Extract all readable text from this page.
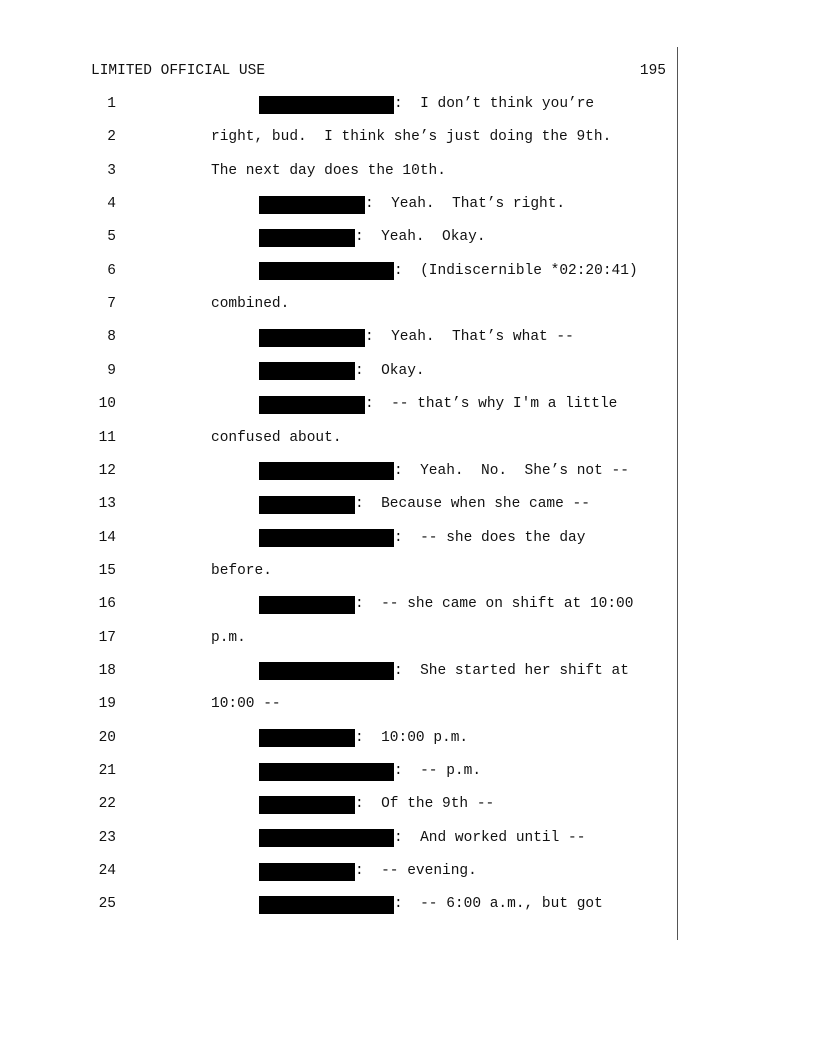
LIMITED OFFICIAL USE	195
1	:  I don’t think you’re
2	right, bud.  I think she’s just doing the 9th.
3	The next day does the 10th.
4	:  Yeah.  That’s right.
5	:  Yeah.  Okay.
6	:  (Indiscernible *02:20:41)
7	combined.
8	:  Yeah.  That’s what --
9	:  Okay.
10	:  -- that’s why I'm a little
11	confused about.
12	:  Yeah.  No.  She’s not --
13	:  Because when she came --
14	:  -- she does the day
15	before.
16	:  -- she came on shift at 10:00
17	p.m.
18	:  She started her shift at
19	10:00 --
20	:  10:00 p.m.
21	:  -- p.m.
22	:  Of the 9th --
23	:  And worked until --
24	:  -- evening.
25	:  -- 6:00 a.m., but got
